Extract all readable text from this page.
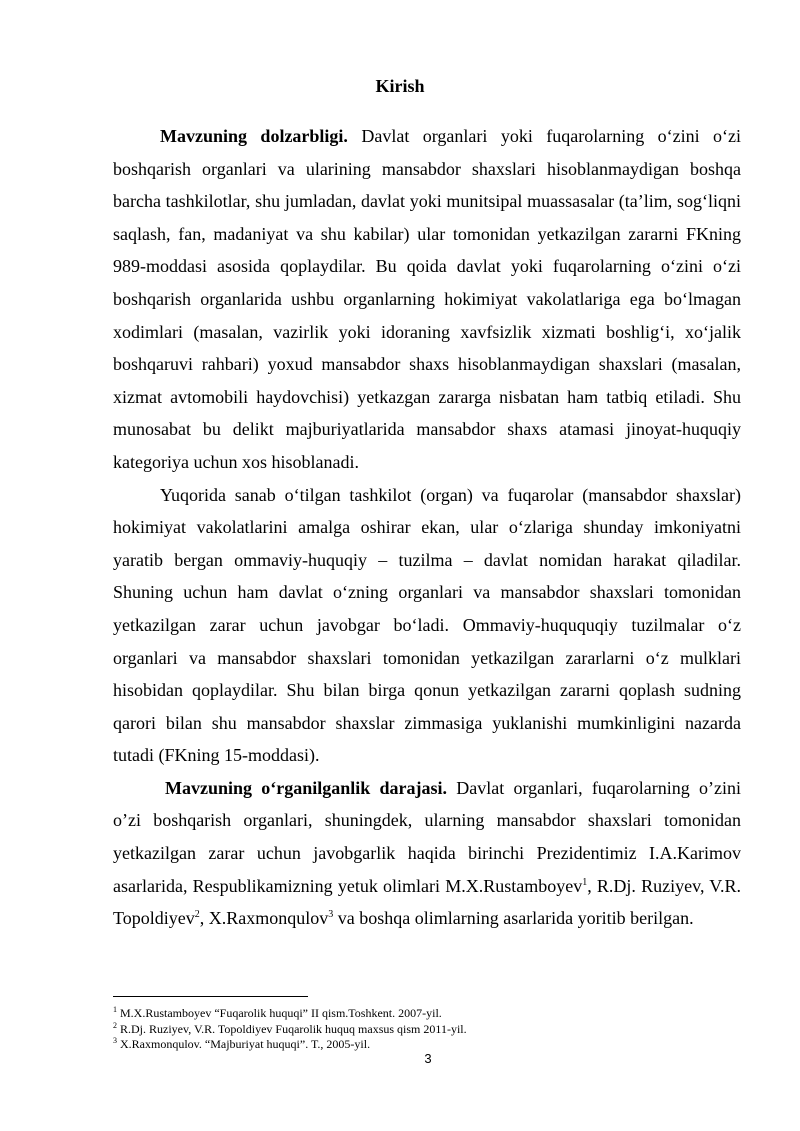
Kirish

Mavzuning dolzarbligi. Davlat organlari yoki fuqarolarning o‘zini o‘zi boshqarish organlari va ularining mansabdor shaxslari hisoblanmaydigan boshqa barcha tashkilotlar, shu jumladan, davlat yoki munitsipal muassasalar (ta’lim, sog‘liqni saqlash, fan, madaniyat va shu kabilar) ular tomonidan yetkazilgan zararni FKning 989-moddasi asosida qoplaydilar. Bu qoida davlat yoki fuqarolarning o‘zini o‘zi boshqarish organlarida ushbu organlarning hokimiyat vakolatlariga ega bo‘lmagan xodimlari (masalan, vazirlik yoki idoraning xavfsizlik xizmati boshlig‘i, xo‘jalik boshqaruvi rahbari) yoxud mansabdor shaxs hisoblanmaydigan shaxslari (masalan, xizmat avtomobili haydovchisi) yetkazgan zararga nisbatan ham tatbiq etiladi. Shu munosabat bu delikt majburiyatlarida mansabdor shaxs atamasi jinoyat-huquqiy kategoriya uchun xos hisoblanadi.

Yuqorida sanab o‘tilgan tashkilot (organ) va fuqarolar (mansabdor shaxslar) hokimiyat vakolatlarini amalga oshirar ekan, ular o‘zlariga shunday imkoniyatni yaratib bergan ommaviy-huquqiy – tuzilma – davlat nomidan harakat qiladilar. Shuning uchun ham davlat o‘zning organlari va mansabdor shaxslari tomonidan yetkazilgan zarar uchun javobgar bo‘ladi. Ommaviy-huququqiy tuzilmalar o‘z organlari va mansabdor shaxslari tomonidan yetkazilgan zararlarni o‘z mulklari hisobidan qoplaydilar. Shu bilan birga qonun yetkazilgan zararni qoplash sudning qarori bilan shu mansabdor shaxslar zimmasiga yuklanishi mumkinligini nazarda tutadi (FKning 15-moddasi).

Mavzuning o‘rganilganlik darajasi. Davlat organlari, fuqarolarning o’zini o’zi boshqarish organlari, shuningdek, ularning mansabdor shaxslari tomonidan yetkazilgan zarar uchun javobgarlik haqida birinchi Prezidentimiz I.A.Karimov asarlarida, Respublikamizning yetuk olimlari M.X.Rustamboyev$^1$, R.Dj. Ruziyev, V.R. Topoldiyev$^2$, X.Raxmonqulov$^3$ va boshqa olimlarning asarlarida yoritib berilgan.

$^1$ M.X.Rustamboyev “Fuqarolik huquqi” II qism.Toshkent. 2007-yil.
$^2$ R.Dj. Ruziyev, V.R. Topoldiyev Fuqarolik huquq maxsus qism 2011-yil.
$^3$ X.Raxmonqulov. “Majburiyat huquqi”. T., 2005-yil.
3
